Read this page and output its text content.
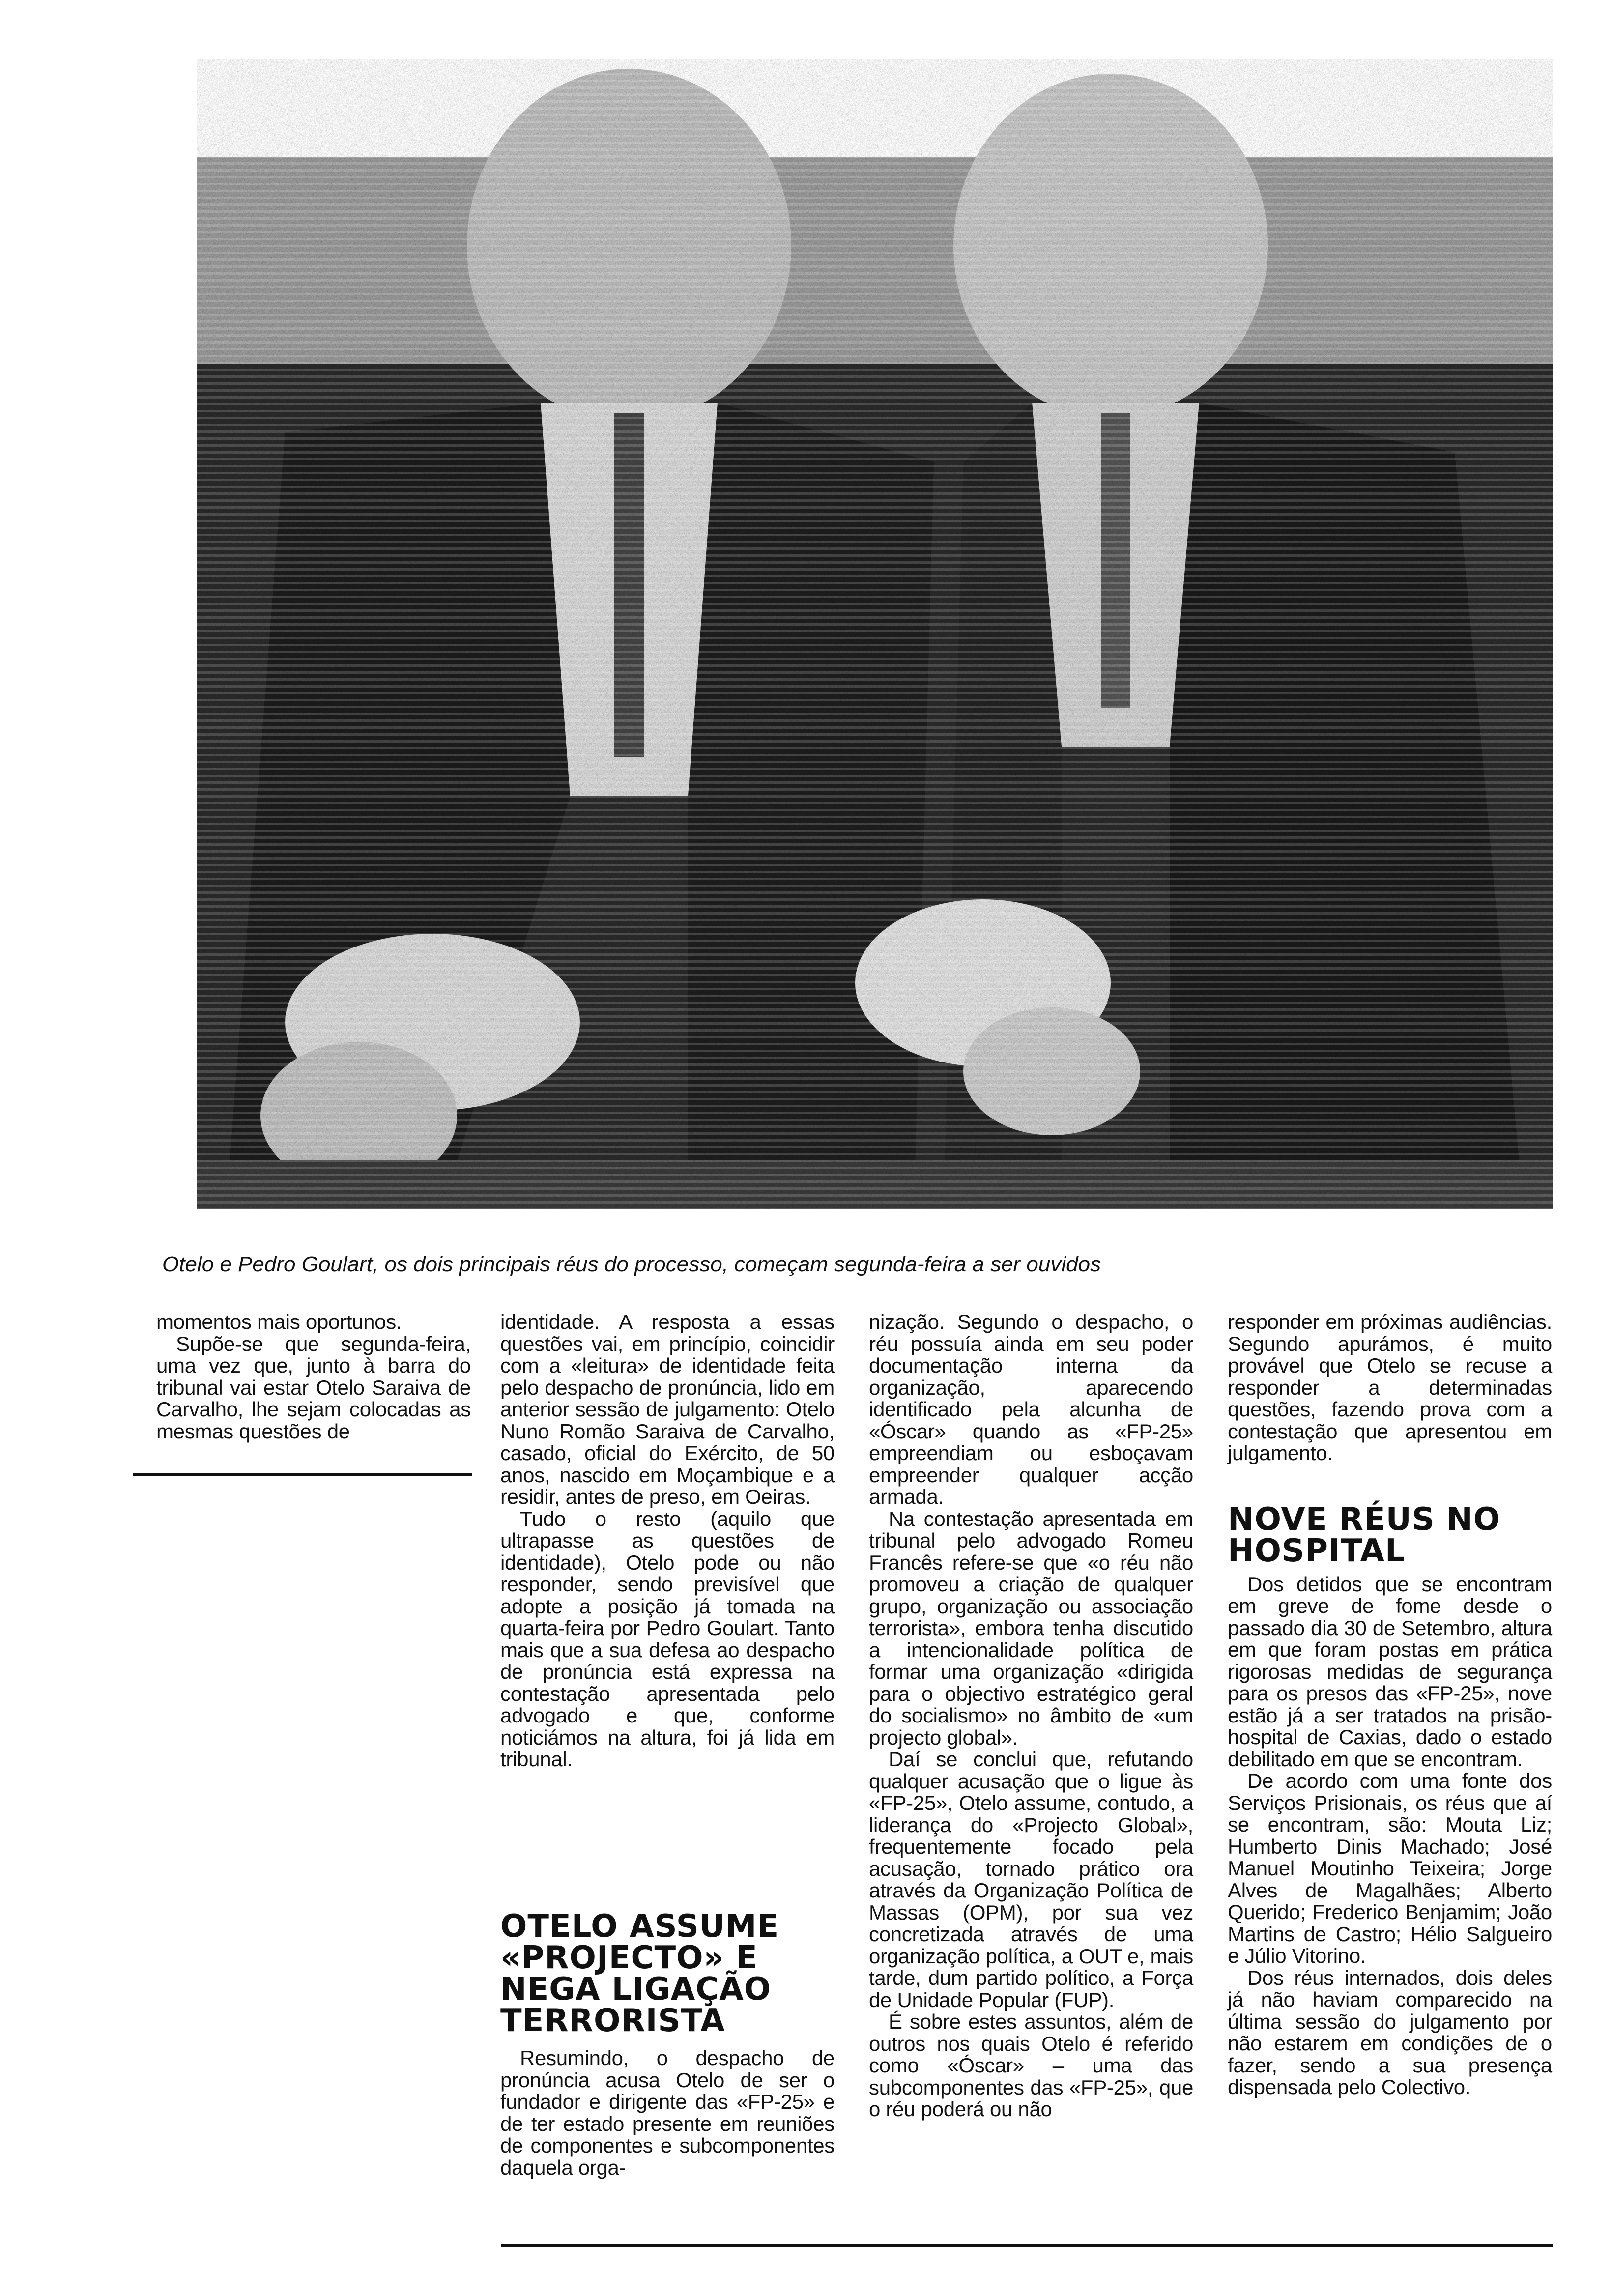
Otelo e Pedro Goulart, os dois principais réus do processo, começam segunda-feira a ser ouvidos

momentos mais oportunos.

Supõe-se que segunda-feira, uma vez que, junto à barra do tribunal vai estar Otelo Saraiva de Carvalho, lhe sejam colocadas as mesmas questões de

identidade. A resposta a essas questões vai, em princípio, coincidir com a «leitura» de identidade feita pelo despacho de pronúncia, lido em anterior sessão de julgamento: Otelo Nuno Romão Saraiva de Carvalho, casado, oficial do Exército, de 50 anos, nascido em Moçambique e a residir, antes de preso, em Oeiras.

Tudo o resto (aquilo que ultrapasse as questões de identidade), Otelo pode ou não responder, sendo previsível que adopte a posição já tomada na quarta-feira por Pedro Goulart. Tanto mais que a sua defesa ao despacho de pronúncia está expressa na contestação apresentada pelo advogado e que, conforme noticiámos na altura, foi já lida em tribunal.

OTELO ASSUME «PROJECTO» E NEGA LIGAÇÃO TERRORISTA

Resumindo, o despacho de pronúncia acusa Otelo de ser o fundador e dirigente das «FP-25» e de ter estado presente em reuniões de componentes e subcomponentes daquela orga-

nização. Segundo o despacho, o réu possuía ainda em seu poder documentação interna da organização, aparecendo identificado pela alcunha de «Óscar» quando as «FP-25» empreendiam ou esboçavam empreender qualquer acção armada.

Na contestação apresentada em tribunal pelo advogado Romeu Francês refere-se que «o réu não promoveu a criação de qualquer grupo, organização ou associação terrorista», embora tenha discutido a intencionalidade política de formar uma organização «dirigida para o objectivo estratégico geral do socialismo» no âmbito de «um projecto global».

Daí se conclui que, refutando qualquer acusação que o ligue às «FP-25», Otelo assume, contudo, a liderança do «Projecto Global», frequentemente focado pela acusação, tornado prático ora através da Organização Política de Massas (OPM), por sua vez concretizada através de uma organização política, a OUT e, mais tarde, dum partido político, a Força de Unidade Popular (FUP).

É sobre estes assuntos, além de outros nos quais Otelo é referido como «Óscar» – uma das subcomponentes das «FP-25», que o réu poderá ou não

responder em próximas audiências. Segundo apurámos, é muito provável que Otelo se recuse a responder a determinadas questões, fazendo prova com a contestação que apresentou em julgamento.

NOVE RÉUS NO HOSPITAL

Dos detidos que se encontram em greve de fome desde o passado dia 30 de Setembro, altura em que foram postas em prática rigorosas medidas de segurança para os presos das «FP-25», nove estão já a ser tratados na prisão-hospital de Caxias, dado o estado debilitado em que se encontram.

De acordo com uma fonte dos Serviços Prisionais, os réus que aí se encontram, são: Mouta Liz; Humberto Dinis Machado; José Manuel Moutinho Teixeira; Jorge Alves de Magalhães; Alberto Querido; Frederico Benjamim; João Martins de Castro; Hélio Salgueiro e Júlio Vitorino.

Dos réus internados, dois deles já não haviam comparecido na última sessão do julgamento por não estarem em condições de o fazer, sendo a sua presença dispensada pelo Colectivo.
